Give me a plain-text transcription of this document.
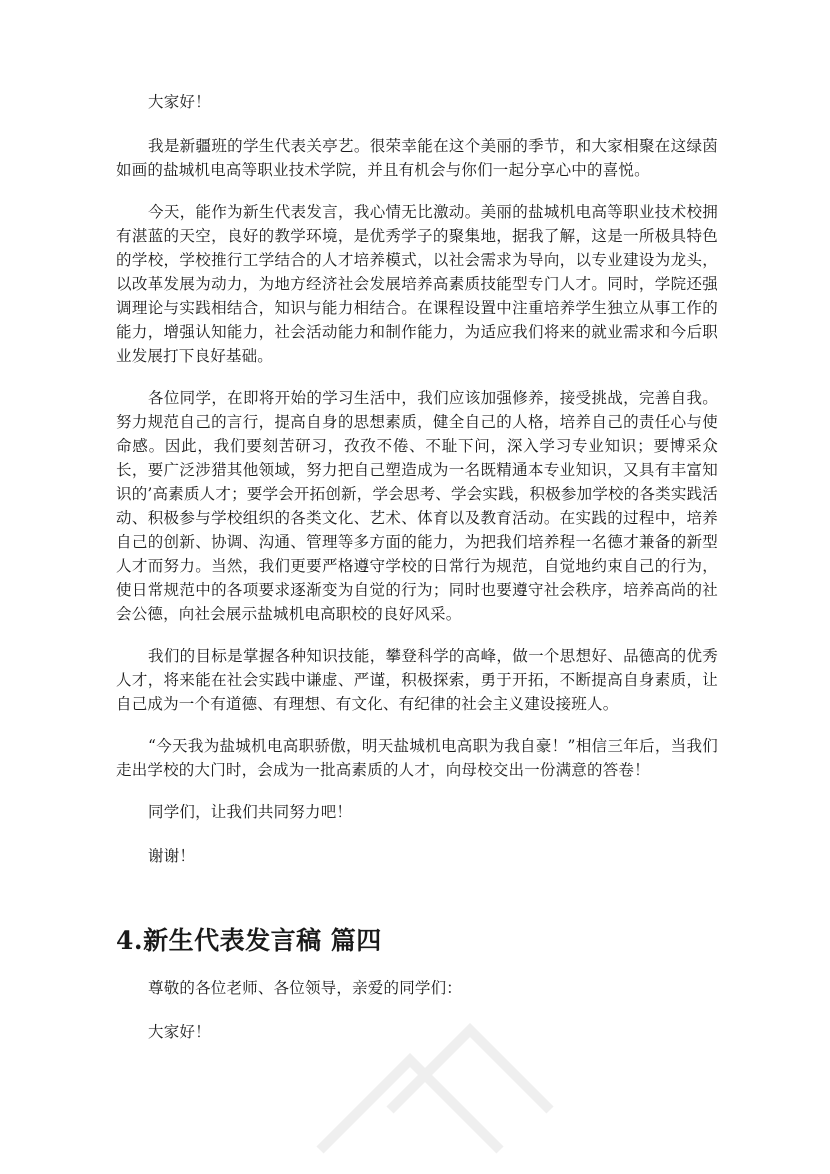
大家好！

我是新疆班的学生代表关亭艺。很荣幸能在这个美丽的季节，和大家相聚在这绿茵如画的盐城机电高等职业技术学院，并且有机会与你们一起分享心中的喜悦。

今天，能作为新生代表发言，我心情无比激动。美丽的盐城机电高等职业技术校拥有湛蓝的天空，良好的教学环境，是优秀学子的聚集地，据我了解，这是一所极具特色的学校，学校推行工学结合的人才培养模式，以社会需求为导向，以专业建设为龙头，以改革发展为动力，为地方经济社会发展培养高素质技能型专门人才。同时，学院还强调理论与实践相结合，知识与能力相结合。在课程设置中注重培养学生独立从事工作的能力，增强认知能力，社会活动能力和制作能力，为适应我们将来的就业需求和今后职业发展打下良好基础。

各位同学，在即将开始的学习生活中，我们应该加强修养，接受挑战，完善自我。努力规范自己的言行，提高自身的思想素质，健全自己的人格，培养自己的责任心与使命感。因此，我们要刻苦研习，孜孜不倦、不耻下问，深入学习专业知识；要博采众长，要广泛涉猎其他领域，努力把自己塑造成为一名既精通本专业知识，又具有丰富知识的’高素质人才；要学会开拓创新，学会思考、学会实践，积极参加学校的各类实践活动、积极参与学校组织的各类文化、艺术、体育以及教育活动。在实践的过程中，培养自己的创新、协调、沟通、管理等多方面的能力，为把我们培养程一名德才兼备的新型人才而努力。当然，我们更要严格遵守学校的日常行为规范，自觉地约束自己的行为，使日常规范中的各项要求逐渐变为自觉的行为；同时也要遵守社会秩序，培养高尚的社会公德，向社会展示盐城机电高职校的良好风采。

我们的目标是掌握各种知识技能，攀登科学的高峰，做一个思想好、品德高的优秀人才，将来能在社会实践中谦虚、严谨，积极探索，勇于开拓，不断提高自身素质，让自己成为一个有道德、有理想、有文化、有纪律的社会主义建设接班人。

“今天我为盐城机电高职骄傲，明天盐城机电高职为我自豪！”相信三年后，当我们走出学校的大门时，会成为一批高素质的人才，向母校交出一份满意的答卷！

同学们，让我们共同努力吧！

谢谢！

4.新生代表发言稿 篇四

尊敬的各位老师、各位领导，亲爱的同学们：

大家好！
